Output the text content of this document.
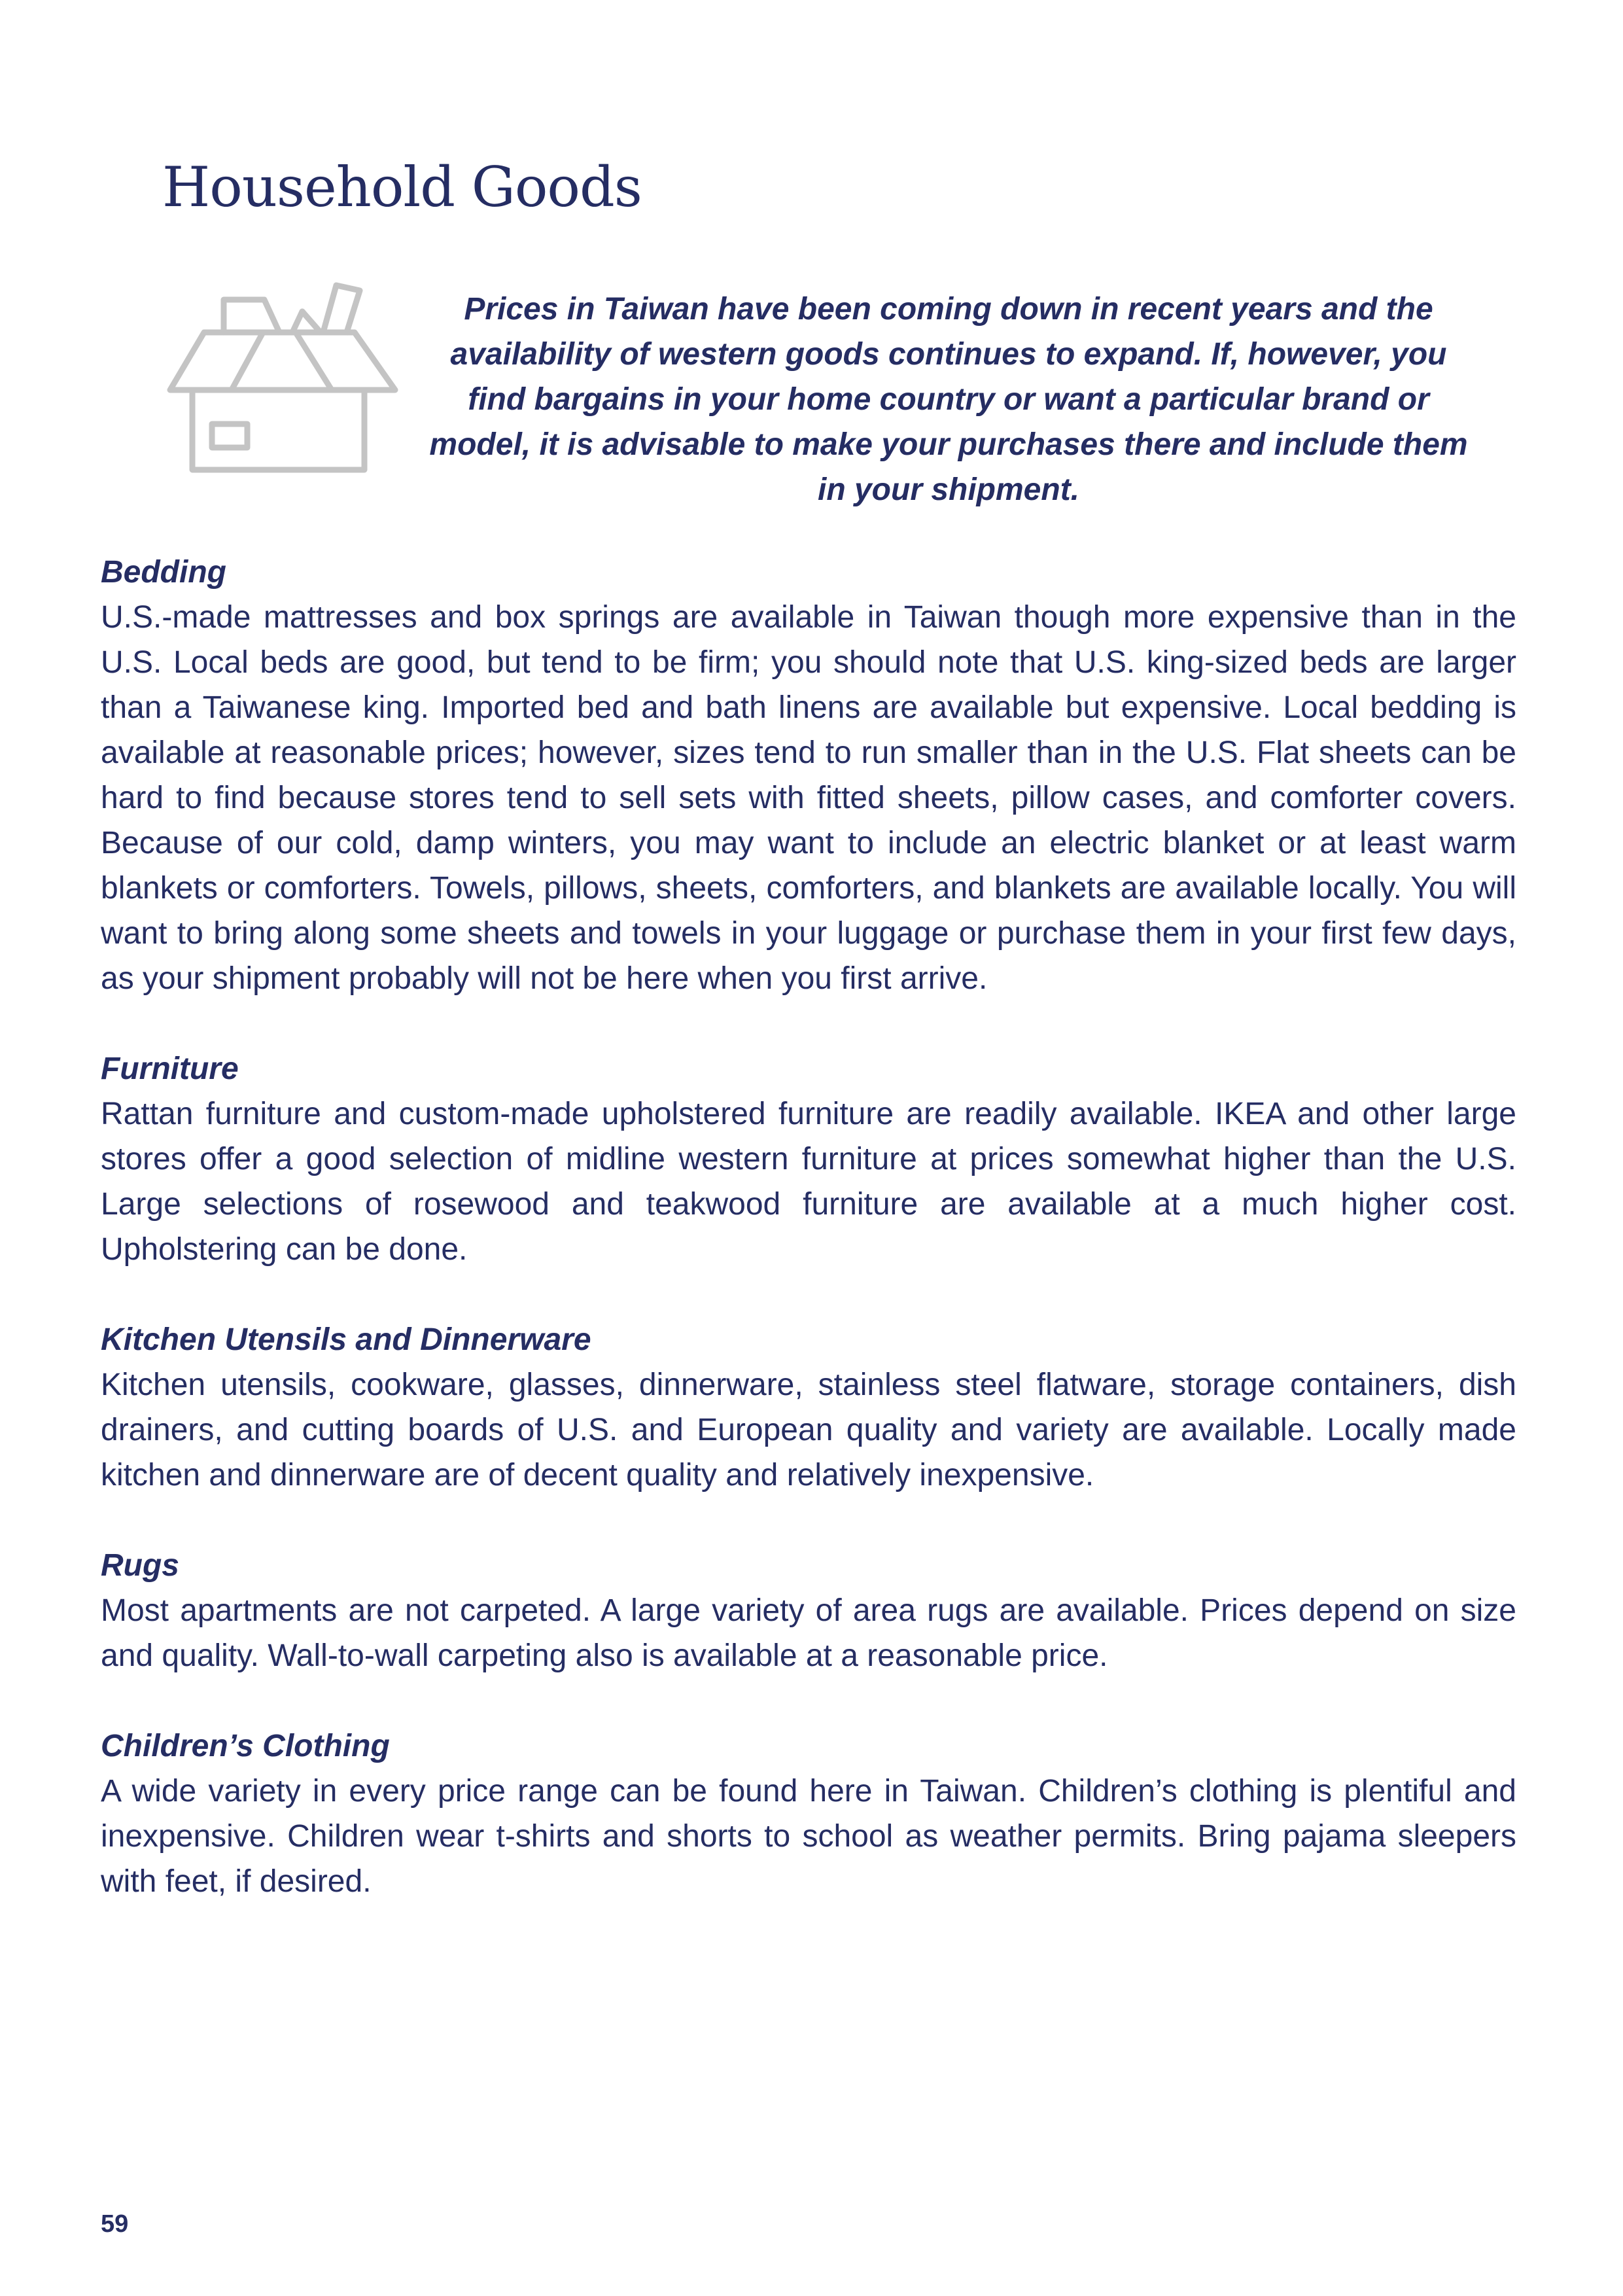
Household Goods

Prices in Taiwan have been coming down in recent years and the availability of western goods continues to expand. If, however, you find bargains in your home country or want a particular brand or model, it is advisable to make your purchases there and include them in your shipment.

Bedding

U.S.-made mattresses and box springs are available in Taiwan though more expensive than in the U.S. Local beds are good, but tend to be firm; you should note that U.S. king-sized beds are larger than a Taiwanese king. Imported bed and bath linens are available but expensive. Local bedding is available at reasonable prices; however, sizes tend to run smaller than in the U.S. Flat sheets can be hard to find because stores tend to sell sets with fitted sheets, pillow cases, and comforter covers. Because of our cold, damp winters, you may want to include an electric blanket or at least warm blankets or comforters. Towels, pillows, sheets, comforters, and blankets are available locally. You will want to bring along some sheets and towels in your luggage or purchase them in your first few days, as your shipment probably will not be here when you first arrive.

Furniture

Rattan furniture and custom-made upholstered furniture are readily available. IKEA and other large stores offer a good selection of midline western furniture at prices somewhat higher than the U.S. Large selections of rosewood and teakwood furniture are available at a much higher cost. Upholstering can be done.

Kitchen Utensils and Dinnerware

Kitchen utensils, cookware, glasses, dinnerware, stainless steel flatware, storage containers, dish drainers, and cutting boards of U.S. and European quality and variety are available. Locally made kitchen and dinnerware are of decent quality and relatively inexpensive.

Rugs

Most apartments are not carpeted. A large variety of area rugs are available. Prices depend on size and quality. Wall-to-wall carpeting also is available at a reasonable price.

Children’s Clothing

A wide variety in every price range can be found here in Taiwan. Children’s clothing is plentiful and inexpensive. Children wear t-shirts and shorts to school as weather permits. Bring pajama sleepers with feet, if desired.

59
